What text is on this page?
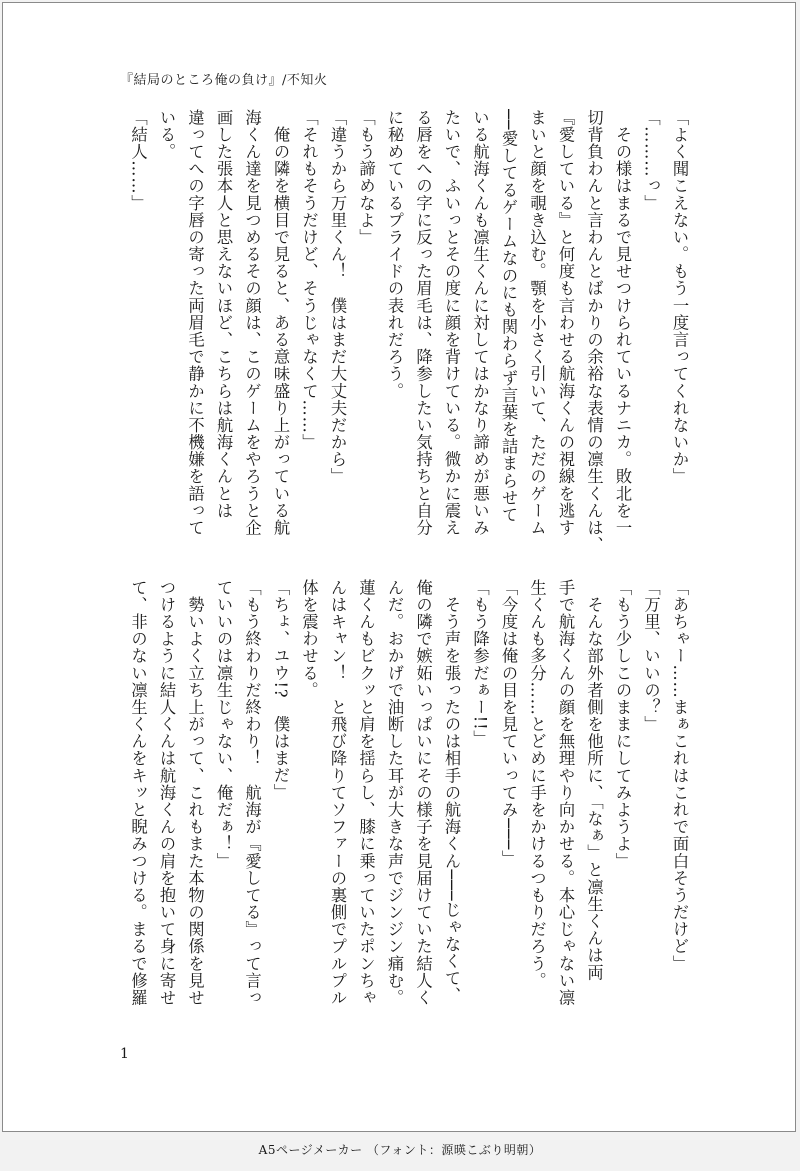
『結局のところ俺の負け』/不知火
「よく聞こえない。もう一度言ってくれないか」
「………っ」
　その様はまるで見せつけられているナニカ。敗北を一
切背負わんと言わんとばかりの余裕な表情の凛生くんは、
『愛している』と何度も言わせる航海くんの視線を逃す
まいと顔を覗き込む。顎を小さく引いて、ただのゲーム
──愛してるゲームなのにも関わらず言葉を詰まらせて
いる航海くんも凛生くんに対してはかなり諦めが悪いみ
たいで、ふいっとその度に顔を背けている。微かに震え
る唇をへの字に反った眉毛は、降参したい気持ちと自分
に秘めているプライドの表れだろう。
「もう諦めなよ」
「違うから万里くん！　僕はまだ大丈夫だから」
「それもそうだけど、そうじゃなくて……」
　俺の隣を横目で見ると、ある意味盛り上がっている航
海くん達を見つめるその顔は、このゲームをやろうと企
画した張本人と思えないほど、こちらは航海くんとは
違ってへの字唇の寄った両眉毛で静かに不機嫌を語って
いる。
「結人……」
「あちゃー……まぁこれはこれで面白そうだけど」
「万里、いいの？」
「もう少しこのままにしてみようよ」
　そんな部外者側を他所に、「なぁ」と凛生くんは両
手で航海くんの顔を無理やり向かせる。本心じゃない凛
生くんも多分……とどめに手をかけるつもりだろう。
「今度は俺の目を見ていってみ───」
「もう降参だぁー!!」
　そう声を張ったのは相手の航海くん───じゃなくて、
俺の隣で嫉妬いっぱいにその様子を見届けていた結人く
んだ。おかげで油断した耳が大きな声でジンジン痛む。
蓮くんもビクッと肩を揺らし、膝に乗っていたポンちゃ
んはキャン！　と飛び降りてソファーの裏側でプルプル
体を震わせる。
「ちょ、ユウ!?　僕はまだ」
「もう終わりだ終わり！　航海が『愛してる』って言っ
ていいのは凛生じゃない、俺だぁ！」
　勢いよく立ち上がって、これもまた本物の関係を見せ
つけるように結人くんは航海くんの肩を抱いて身に寄せ
て、非のない凛生くんをキッと睨みつける。まるで修羅
1
A5ページメーカー （フォント：源暎こぶり明朝）
